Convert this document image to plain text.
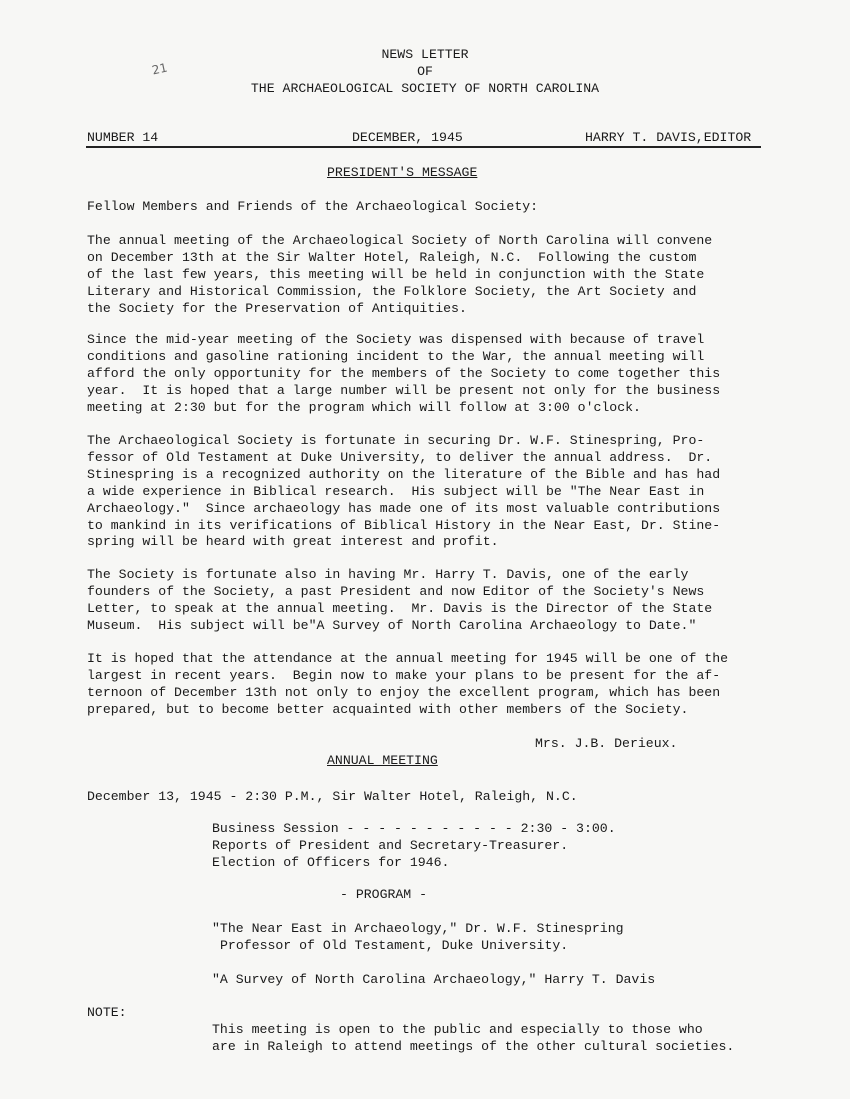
21
NEWS LETTER
OF
THE ARCHAEOLOGICAL SOCIETY OF NORTH CAROLINA
NUMBER 14	DECEMBER, 1945	HARRY T. DAVIS,EDITOR
PRESIDENT'S MESSAGE
Fellow Members and Friends of the Archaeological Society:
The annual meeting of the Archaeological Society of North Carolina will convene
on December 13th at the Sir Walter Hotel, Raleigh, N.C.  Following the custom
of the last few years, this meeting will be held in conjunction with the State
Literary and Historical Commission, the Folklore Society, the Art Society and
the Society for the Preservation of Antiquities.
Since the mid-year meeting of the Society was dispensed with because of travel
conditions and gasoline rationing incident to the War, the annual meeting will
afford the only opportunity for the members of the Society to come together this
year.  It is hoped that a large number will be present not only for the business
meeting at 2:30 but for the program which will follow at 3:00 o'clock.
The Archaeological Society is fortunate in securing Dr. W.F. Stinespring, Pro-
fessor of Old Testament at Duke University, to deliver the annual address.  Dr.
Stinespring is a recognized authority on the literature of the Bible and has had
a wide experience in Biblical research.  His subject will be "The Near East in
Archaeology."  Since archaeology has made one of its most valuable contributions
to mankind in its verifications of Biblical History in the Near East, Dr. Stine-
spring will be heard with great interest and profit.
The Society is fortunate also in having Mr. Harry T. Davis, one of the early
founders of the Society, a past President and now Editor of the Society's News
Letter, to speak at the annual meeting.  Mr. Davis is the Director of the State
Museum.  His subject will be"A Survey of North Carolina Archaeology to Date."
It is hoped that the attendance at the annual meeting for 1945 will be one of the
largest in recent years.  Begin now to make your plans to be present for the af-
ternoon of December 13th not only to enjoy the excellent program, which has been
prepared, but to become better acquainted with other members of the Society.
Mrs. J.B. Derieux.
ANNUAL MEETING
December 13, 1945 - 2:30 P.M., Sir Walter Hotel, Raleigh, N.C.
Business Session - - - - - - - - - - - 2:30 - 3:00.
Reports of President and Secretary-Treasurer.
Election of Officers for 1946.
- PROGRAM -
"The Near East in Archaeology," Dr. W.F. Stinespring
Professor of Old Testament, Duke University.
"A Survey of North Carolina Archaeology," Harry T. Davis
NOTE:
This meeting is open to the public and especially to those who
are in Raleigh to attend meetings of the other cultural societies.
